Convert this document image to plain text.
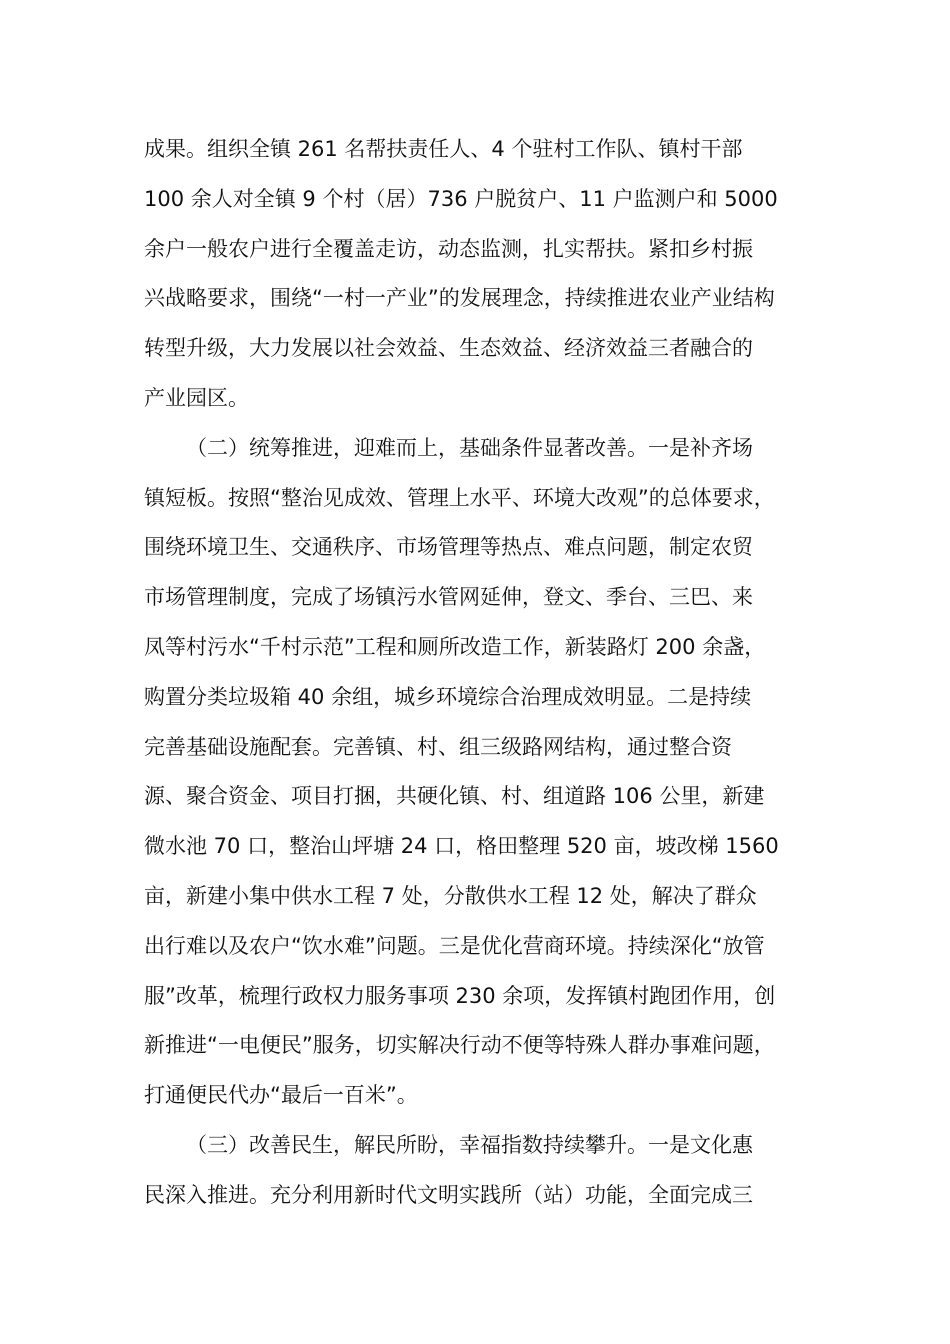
成果。组织全镇 261 名帮扶责任人、4 个驻村工作队、镇村干部
100 余人对全镇 9 个村（居）736 户脱贫户、11 户监测户和 5000
余户一般农户进行全覆盖走访，动态监测，扎实帮扶。紧扣乡村振
兴战略要求，围绕“一村一产业”的发展理念，持续推进农业产业结构
转型升级，大力发展以社会效益、生态效益、经济效益三者融合的
产业园区。
（二）统筹推进，迎难而上，基础条件显著改善。一是补齐场
镇短板。按照“整治见成效、管理上水平、环境大改观”的总体要求，
围绕环境卫生、交通秩序、市场管理等热点、难点问题，制定农贸
市场管理制度，完成了场镇污水管网延伸，登文、季台、三巴、来
凤等村污水“千村示范”工程和厕所改造工作，新装路灯 200 余盏，
购置分类垃圾箱 40 余组，城乡环境综合治理成效明显。二是持续
完善基础设施配套。完善镇、村、组三级路网结构，通过整合资
源、聚合资金、项目打捆，共硬化镇、村、组道路 106 公里，新建
微水池 70 口，整治山坪塘 24 口，格田整理 520 亩，坡改梯 1560
亩，新建小集中供水工程 7 处，分散供水工程 12 处，解决了群众
出行难以及农户“饮水难”问题。三是优化营商环境。持续深化“放管
服”改革，梳理行政权力服务事项 230 余项，发挥镇村跑团作用，创
新推进“一电便民”服务，切实解决行动不便等特殊人群办事难问题，
打通便民代办“最后一百米”。
（三）改善民生，解民所盼，幸福指数持续攀升。一是文化惠
民深入推进。充分利用新时代文明实践所（站）功能，全面完成三
